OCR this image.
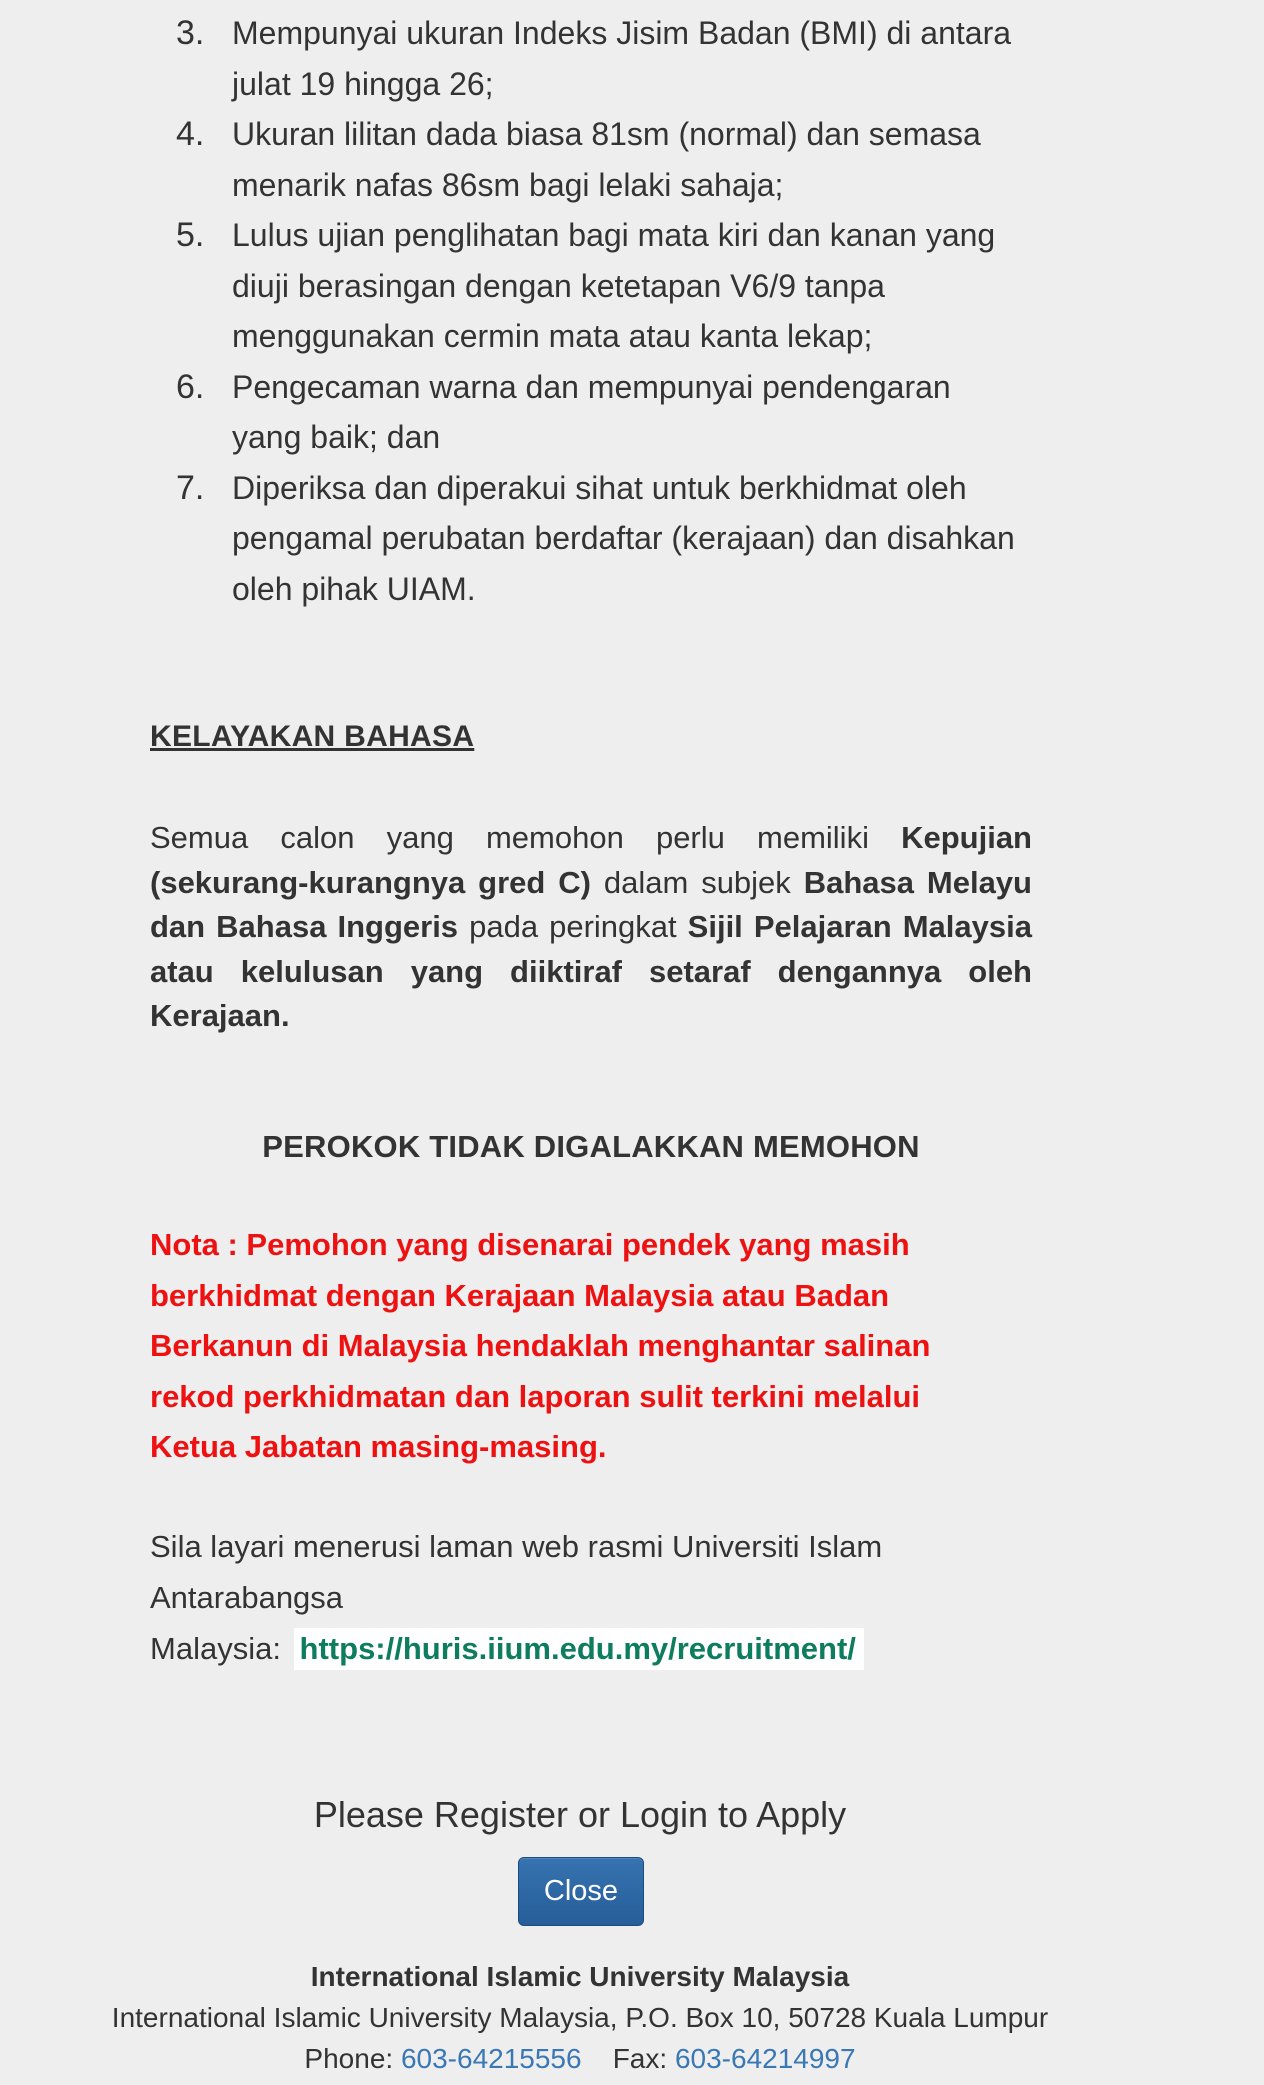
3. Mempunyai ukuran Indeks Jisim Badan (BMI) di antara
julat 19 hingga 26;
4. Ukuran lilitan dada biasa 81sm (normal) dan semasa
menarik nafas 86sm bagi lelaki sahaja;
5. Lulus ujian penglihatan bagi mata kiri dan kanan yang
diuji berasingan dengan ketetapan V6/9 tanpa
menggunakan cermin mata atau kanta lekap;
6. Pengecaman warna dan mempunyai pendengaran
yang baik; dan
7. Diperiksa dan diperakui sihat untuk berkhidmat oleh
pengamal perubatan berdaftar (kerajaan) dan disahkan
oleh pihak UIAM.
KELAYAKAN BAHASA

Semua calon yang memohon perlu memiliki Kepujian (sekurang-kurangnya gred C) dalam subjek Bahasa Melayu dan Bahasa Inggeris pada peringkat Sijil Pelajaran Malaysia atau kelulusan yang diiktiraf setaraf dengannya oleh Kerajaan.

PEROKOK TIDAK DIGALAKKAN MEMOHON
Nota : Pemohon yang disenarai pendek yang masih
berkhidmat dengan Kerajaan Malaysia atau Badan
Berkanun di Malaysia hendaklah menghantar salinan
rekod perkhidmatan dan laporan sulit terkini melalui
Ketua Jabatan masing-masing.
Sila layari menerusi laman web rasmi Universiti Islam
Antarabangsa
Malaysia: https://huris.iium.edu.my/recruitment/
Please Register or Login to Apply
Close
International Islamic University Malaysia
International Islamic University Malaysia, P.O. Box 10, 50728 Kuala Lumpur
Phone: 603-64215556 Fax: 603-64214997
